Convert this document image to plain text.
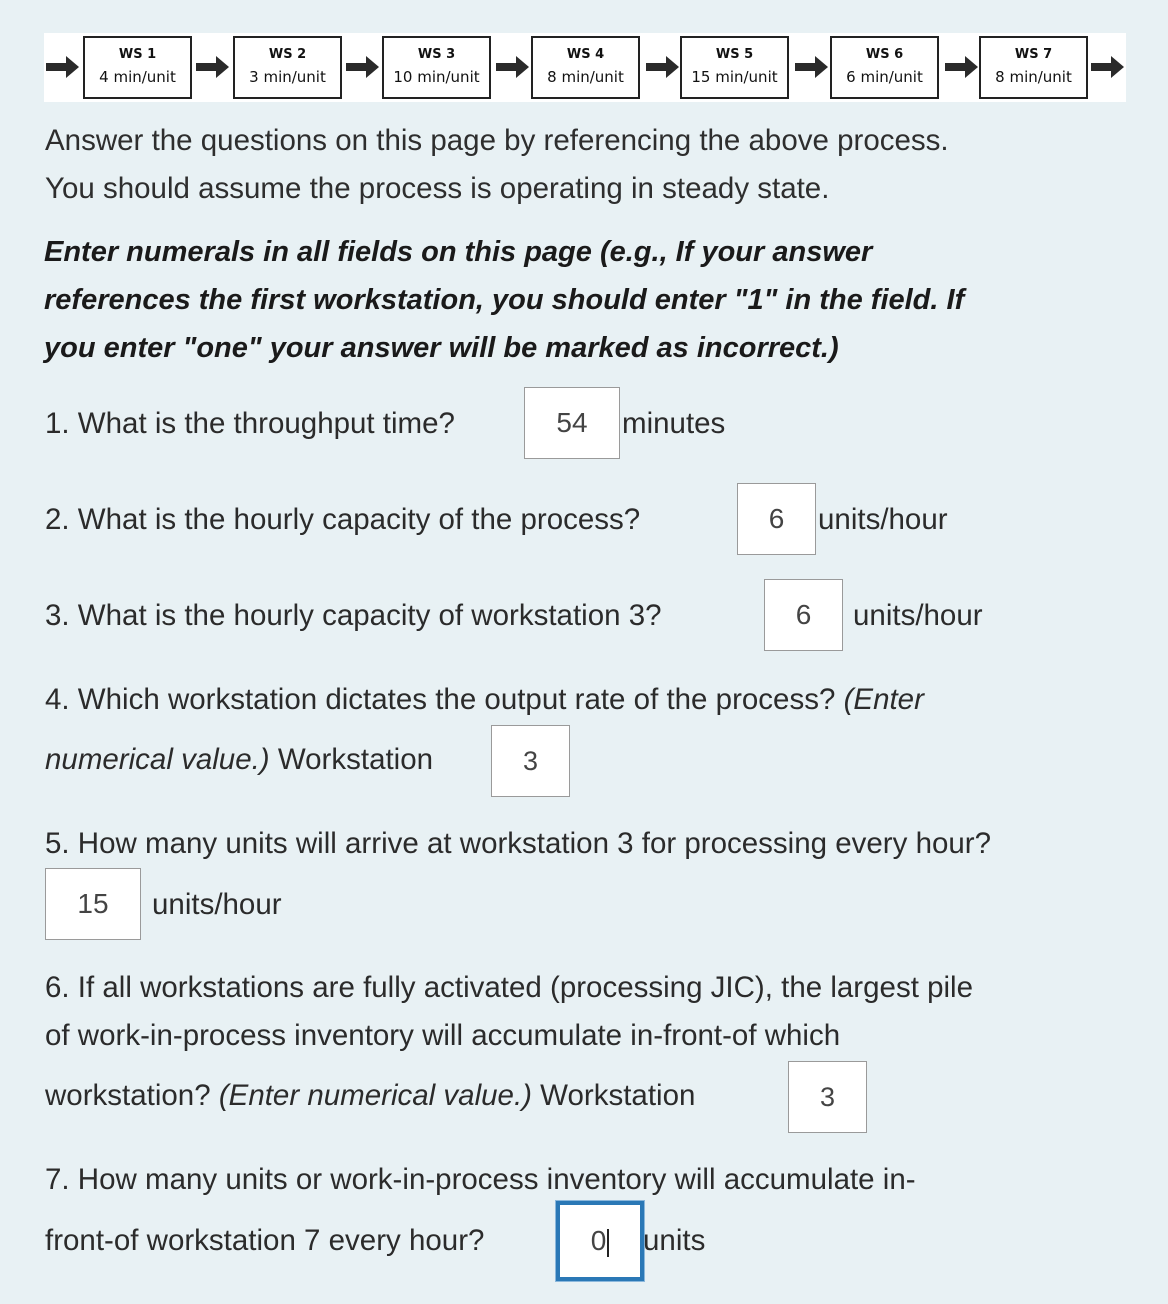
WS 1
4 min/unit
WS 2
3 min/unit
WS 3
10 min/unit
WS 4
8 min/unit
WS 5
15 min/unit
WS 6
6 min/unit
WS 7
8 min/unit
Answer the questions on this page by referencing the above process.
You should assume the process is operating in steady state.
Enter numerals in all fields on this page (e.g., If your answer
references the first workstation, you should enter "1" in the field. If
you enter "one" your answer will be marked as incorrect.)
1. What is the throughput time?	54	minutes
2. What is the hourly capacity of the process?	6	units/hour
3. What is the hourly capacity of workstation 3?	6	units/hour
4. Which workstation dictates the output rate of the process? (Enter
numerical value.) Workstation	3
5. How many units will arrive at workstation 3 for processing every hour?
15	units/hour
6. If all workstations are fully activated (processing JIC), the largest pile
of work-in-process inventory will accumulate in-front-of which
workstation? (Enter numerical value.) Workstation	3
7. How many units or work-in-process inventory will accumulate in-
front-of workstation 7 every hour?	0	units
